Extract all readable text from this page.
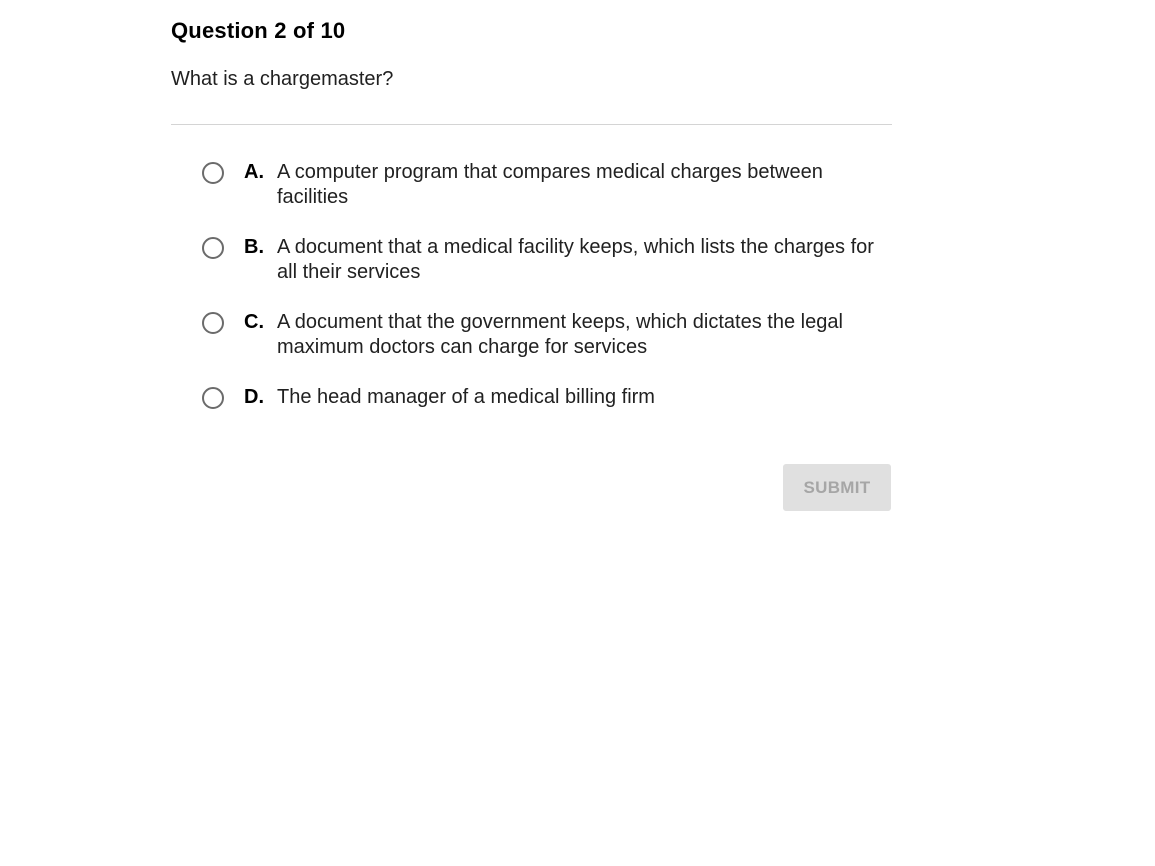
Question 2 of 10
What is a chargemaster?
A. A computer program that compares medical charges between facilities
B. A document that a medical facility keeps, which lists the charges for all their services
C. A document that the government keeps, which dictates the legal maximum doctors can charge for services
D. The head manager of a medical billing firm
SUBMIT
